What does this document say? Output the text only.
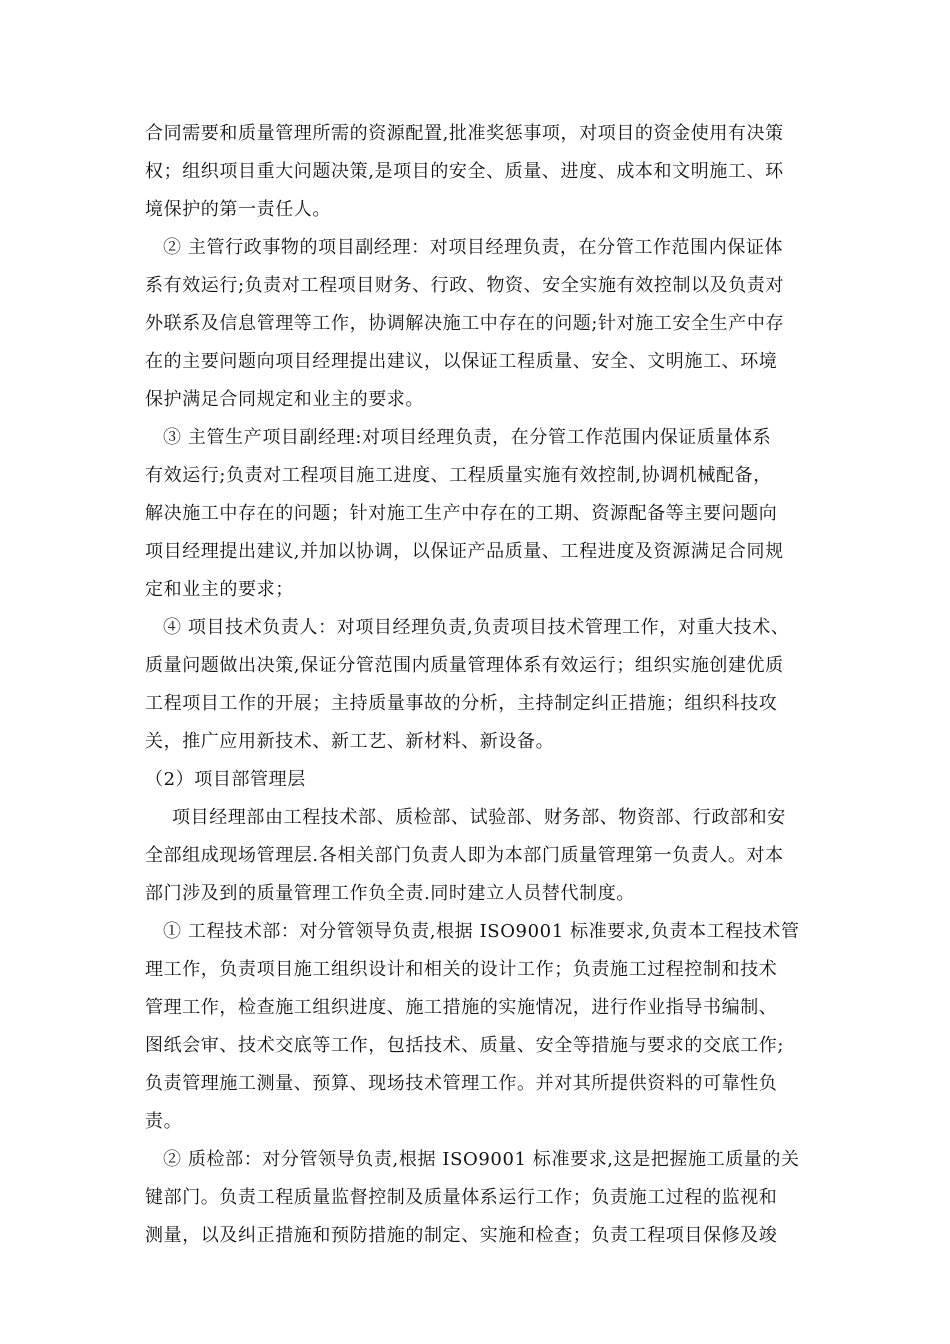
合同需要和质量管理所需的资源配置,批准奖惩事项，对项目的资金使用有决策
权；组织项目重大问题决策,是项目的安全、质量、进度、成本和文明施工、环
境保护的第一责任人。
② 主管行政事物的项目副经理：对项目经理负责，在分管工作范围内保证体
系有效运行;负责对工程项目财务、行政、物资、安全实施有效控制以及负责对
外联系及信息管理等工作，协调解决施工中存在的问题;针对施工安全生产中存
在的主要问题向项目经理提出建议，以保证工程质量、安全、文明施工、环境
保护满足合同规定和业主的要求。
③ 主管生产项目副经理:对项目经理负责，在分管工作范围内保证质量体系
有效运行;负责对工程项目施工进度、工程质量实施有效控制,协调机械配备，
解决施工中存在的问题；针对施工生产中存在的工期、资源配备等主要问题向
项目经理提出建议,并加以协调，以保证产品质量、工程进度及资源满足合同规
定和业主的要求；
④ 项目技术负责人：对项目经理负责,负责项目技术管理工作，对重大技术、
质量问题做出决策,保证分管范围内质量管理体系有效运行；组织实施创建优质
工程项目工作的开展；主持质量事故的分析，主持制定纠正措施；组织科技攻
关，推广应用新技术、新工艺、新材料、新设备。
（2）项目部管理层
项目经理部由工程技术部、质检部、试验部、财务部、物资部、行政部和安
全部组成现场管理层.各相关部门负责人即为本部门质量管理第一负责人。对本
部门涉及到的质量管理工作负全责.同时建立人员替代制度。
① 工程技术部：对分管领导负责,根据 ISO9001 标准要求,负责本工程技术管
理工作，负责项目施工组织设计和相关的设计工作；负责施工过程控制和技术
管理工作，检查施工组织进度、施工措施的实施情况，进行作业指导书编制、
图纸会审、技术交底等工作，包括技术、质量、安全等措施与要求的交底工作;
负责管理施工测量、预算、现场技术管理工作。并对其所提供资料的可靠性负
责。
② 质检部：对分管领导负责,根据 ISO9001 标准要求,这是把握施工质量的关
键部门。负责工程质量监督控制及质量体系运行工作；负责施工过程的监视和
测量，以及纠正措施和预防措施的制定、实施和检查；负责工程项目保修及竣
